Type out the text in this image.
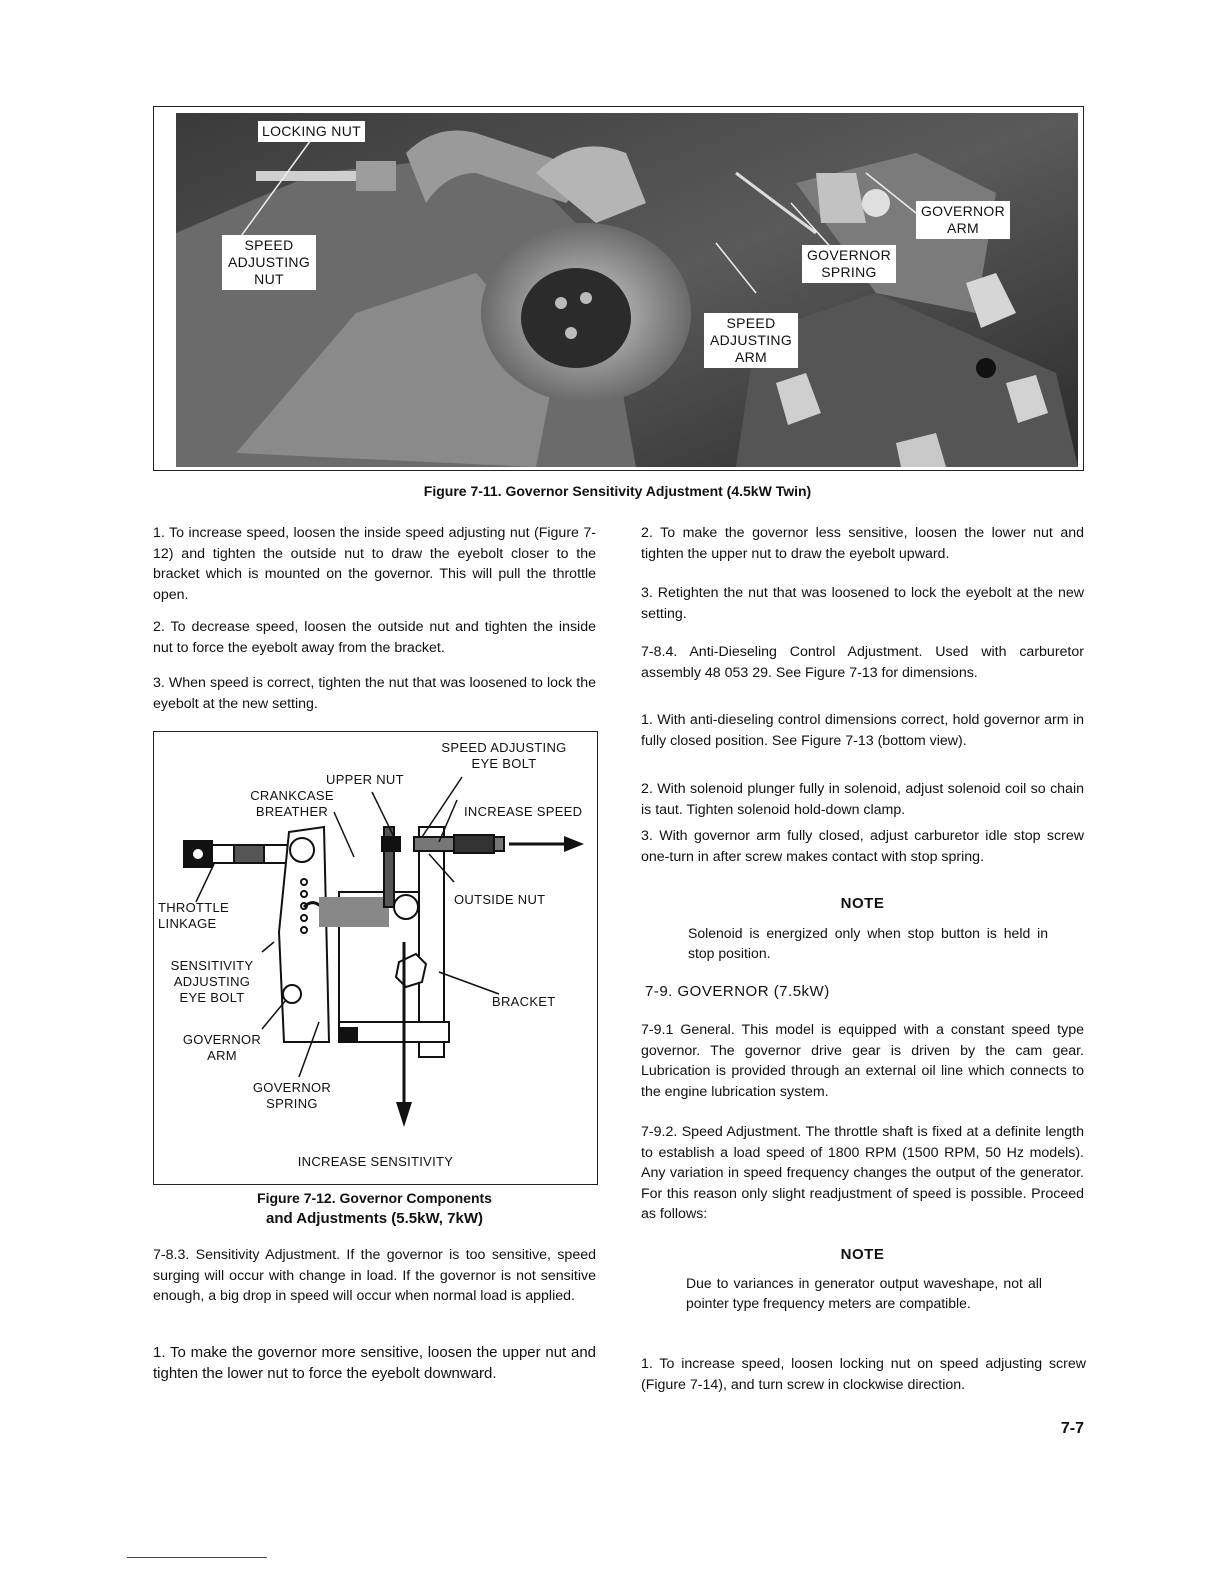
LOCKING NUT
SPEED
ADJUSTING
NUT
GOVERNOR
ARM
GOVERNOR
SPRING
SPEED
ADJUSTING
ARM
Figure 7-11. Governor Sensitivity Adjustment (4.5kW Twin)

1. To increase speed, loosen the inside speed adjusting nut (Figure 7-12) and tighten the outside nut to draw the eyebolt closer to the bracket which is mounted on the governor. This will pull the throttle open.

2. To decrease speed, loosen the outside nut and tighten the inside nut to force the eyebolt away from the bracket.

3. When speed is correct, tighten the nut that was loosened to lock the eyebolt at the new setting.

SPEED ADJUSTING
EYE BOLT
UPPER NUT
CRANKCASE
BREATHER	INCREASE SPEED
THROTTLE
LINKAGE
OUTSIDE NUT
SENSITIVITY
ADJUSTING
EYE BOLT	BRACKET
GOVERNOR
ARM
GOVERNOR
SPRING
INCREASE SENSITIVITY
Figure 7-12. Governor Components
and Adjustments (5.5kW, 7kW)

7-8.3. Sensitivity Adjustment. If the governor is too sensitive, speed surging will occur with change in load. If the governor is not sensitive enough, a big drop in speed will occur when normal load is applied.

1. To make the governor more sensitive, loosen the upper nut and tighten the lower nut to force the eyebolt downward.

2. To make the governor less sensitive, loosen the lower nut and tighten the upper nut to draw the eyebolt upward.

3. Retighten the nut that was loosened to lock the eyebolt at the new setting.

7-8.4. Anti-Dieseling Control Adjustment. Used with carburetor assembly 48 053 29. See Figure 7-13 for dimensions.

1. With anti-dieseling control dimensions correct, hold governor arm in fully closed position. See Figure 7-13 (bottom view).

2. With solenoid plunger fully in solenoid, adjust solenoid coil so chain is taut. Tighten solenoid hold-down clamp.

3. With governor arm fully closed, adjust carburetor idle stop screw one-turn in after screw makes contact with stop spring.

NOTE
Solenoid is energized only when stop button is held in stop position.
7-9. GOVERNOR (7.5kW)

7-9.1 General. This model is equipped with a constant speed type governor. The governor drive gear is driven by the cam gear. Lubrication is provided through an external oil line which connects to the engine lubrication system.

7-9.2. Speed Adjustment. The throttle shaft is fixed at a definite length to establish a load speed of 1800 RPM (1500 RPM, 50 Hz models). Any variation in speed frequency changes the output of the generator. For this reason only slight readjustment of speed is possible. Proceed as follows:

NOTE
Due to variances in generator output waveshape, not all pointer type frequency meters are compatible.

1. To increase speed, loosen locking nut on speed adjusting screw (Figure 7-14), and turn screw in clockwise direction.

7-7
